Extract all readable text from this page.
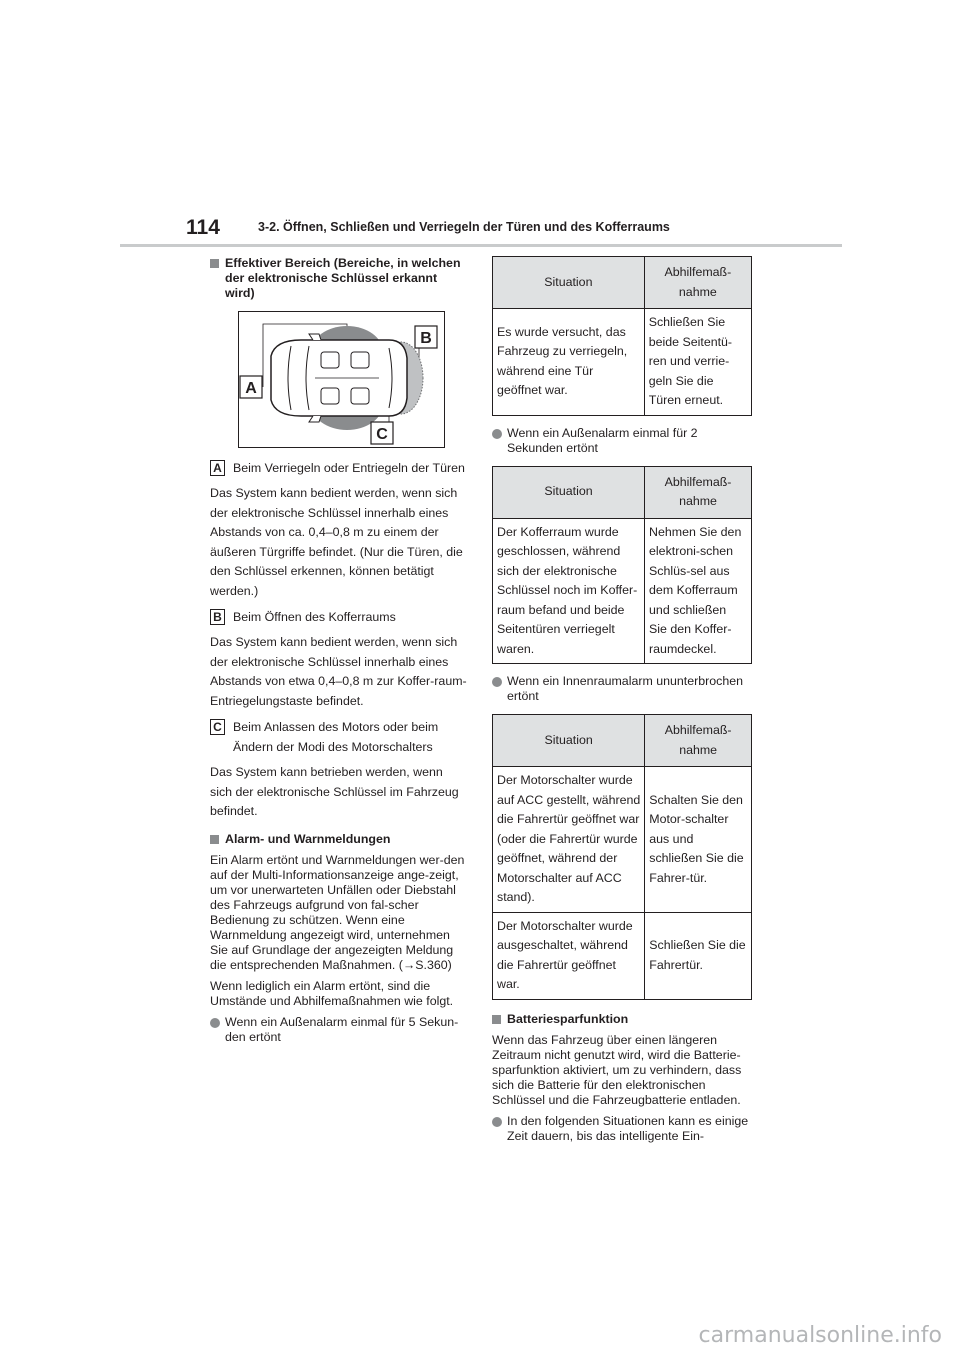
114	3-2. Öffnen, Schließen und Verriegeln der Türen und des Kofferraums
Effektiver Bereich (Bereiche, in welchen der elektronische Schlüssel erkannt wird)
A
B
C
A Beim Verriegeln oder Entriegeln der Türen

Das System kann bedient werden, wenn sich der elektronische Schlüssel innerhalb eines Abstands von ca. 0,4–0,8 m zu einem der äußeren Türgriffe befindet. (Nur die Türen, die den Schlüssel erkennen, können betätigt werden.)

B Beim Öffnen des Kofferraums

Das System kann bedient werden, wenn sich der elektronische Schlüssel innerhalb eines Abstands von etwa 0,4–0,8 m zur Koffer-raum-Entriegelungstaste befindet.

C Beim Anlassen des Motors oder beim Ändern der Modi des Motorschalters

Das System kann betrieben werden, wenn sich der elektronische Schlüssel im Fahrzeug befindet.

Alarm- und Warnmeldungen

Ein Alarm ertönt und Warnmeldungen wer-den auf der Multi-Informationsanzeige ange-zeigt, um vor unerwarteten Unfällen oder Diebstahl des Fahrzeugs aufgrund von fal-scher Bedienung zu schützen. Wenn eine Warnmeldung angezeigt wird, unternehmen Sie auf Grundlage der angezeigten Meldung die entsprechenden Maßnahmen. (→S.360)

Wenn lediglich ein Alarm ertönt, sind die Umstände und Abhilfemaßnahmen wie folgt.

Wenn ein Außenalarm einmal für 5 Sekun-den ertönt
Situation	Abhilfemaß-nahme
Es wurde versucht, das Fahrzeug zu verriegeln, während eine Tür geöffnet war.	Schließen Sie beide Seitentü-ren und verrie-geln Sie die Türen erneut.
Wenn ein Außenalarm einmal für 2 Sekunden ertönt
Situation	Abhilfemaß-nahme
Der Kofferraum wurde geschlossen, während sich der elektronische Schlüssel noch im Koffer-raum befand und beide Seitentüren verriegelt waren.	Nehmen Sie den elektroni-schen Schlüs-sel aus dem Kofferraum und schließen Sie den Koffer-raumdeckel.
Wenn ein Innenraumalarm ununterbrochen ertönt
Situation	Abhilfemaß-nahme
Der Motorschalter wurde auf ACC gestellt, während die Fahrertür geöffnet war (oder die Fahrertür wurde geöffnet, während der Motorschalter auf ACC stand).	Schalten Sie den Motor-schalter aus und schließen Sie die Fahrer-tür.
Der Motorschalter wurde ausgeschaltet, während die Fahrertür geöffnet war.	Schließen Sie die Fahrertür.
Batteriesparfunktion

Wenn das Fahrzeug über einen längeren Zeitraum nicht genutzt wird, wird die Batterie-sparfunktion aktiviert, um zu verhindern, dass sich die Batterie für den elektronischen Schlüssel und die Fahrzeugbatterie entladen.

In den folgenden Situationen kann es einige Zeit dauern, bis das intelligente Ein-
carmanualsonline.info
